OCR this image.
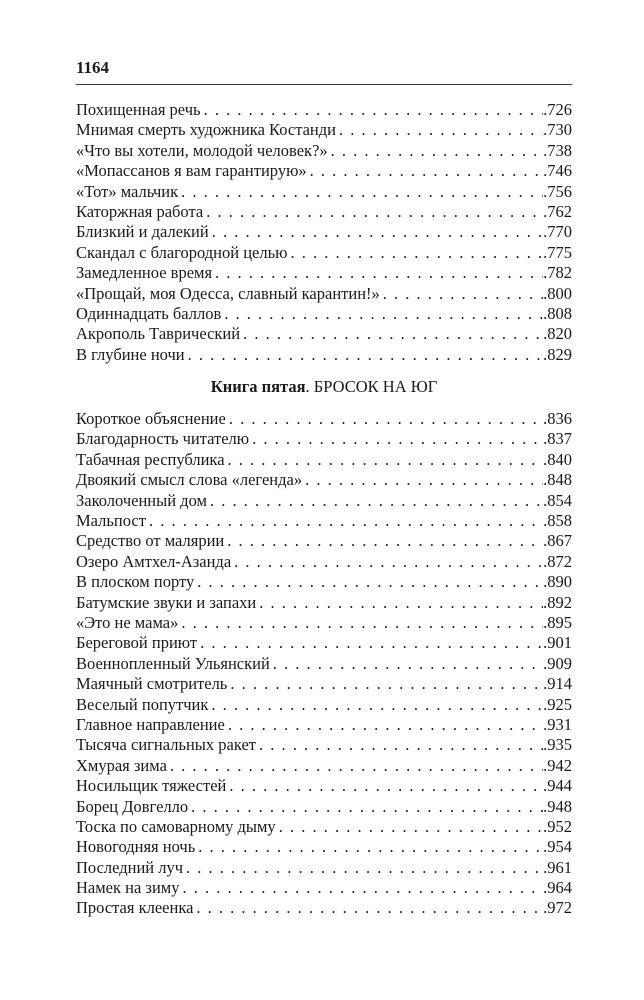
1164
Похищенная речь . . .	.726
Мнимая смерть художника Костанди . . .	.730
«Что вы хотели, молодой человек?» . . .	.738
«Мопассанов я вам гарантирую» . . .	.746
«Тот» мальчик . . .	.756
Каторжная работа . . .	.762
Близкий и далекий . . .	.770
Скандал с благородной целью . . .	.775
Замедленное время . . .	.782
«Прощай, моя Одесса, славный карантин!» . . .	.800
Одиннадцать баллов . . .	.808
Акрополь Таврический . . .	.820
В глубине ночи . . .	.829
Книга пятая. БРОСОК НА ЮГ
Короткое объяснение . . .	.836
Благодарность читателю . . .	.837
Табачная республика . . .	.840
Двоякий смысл слова «легенда» . . .	.848
Заколоченный дом . . .	.854
Мальпост . . .	.858
Средство от малярии . . .	.867
Озеро Амтхел-Азанда . . .	.872
В плоском порту . . .	.890
Батумские звуки и запахи . . .	.892
«Это не мама» . . .	.895
Береговой приют . . .	.901
Военнопленный Ульянский . . .	.909
Маячный смотритель . . .	.914
Веселый попутчик . . .	.925
Главное направление . . .	.931
Тысяча сигнальных ракет . . .	.935
Хмурая зима . . .	.942
Носильщик тяжестей . . .	.944
Борец Довгелло . . .	.948
Тоска по самоварному дыму . . .	.952
Новогодняя ночь . . .	.954
Последний луч . . .	.961
Намек на зиму . . .	.964
Простая клеенка . . .	.972
